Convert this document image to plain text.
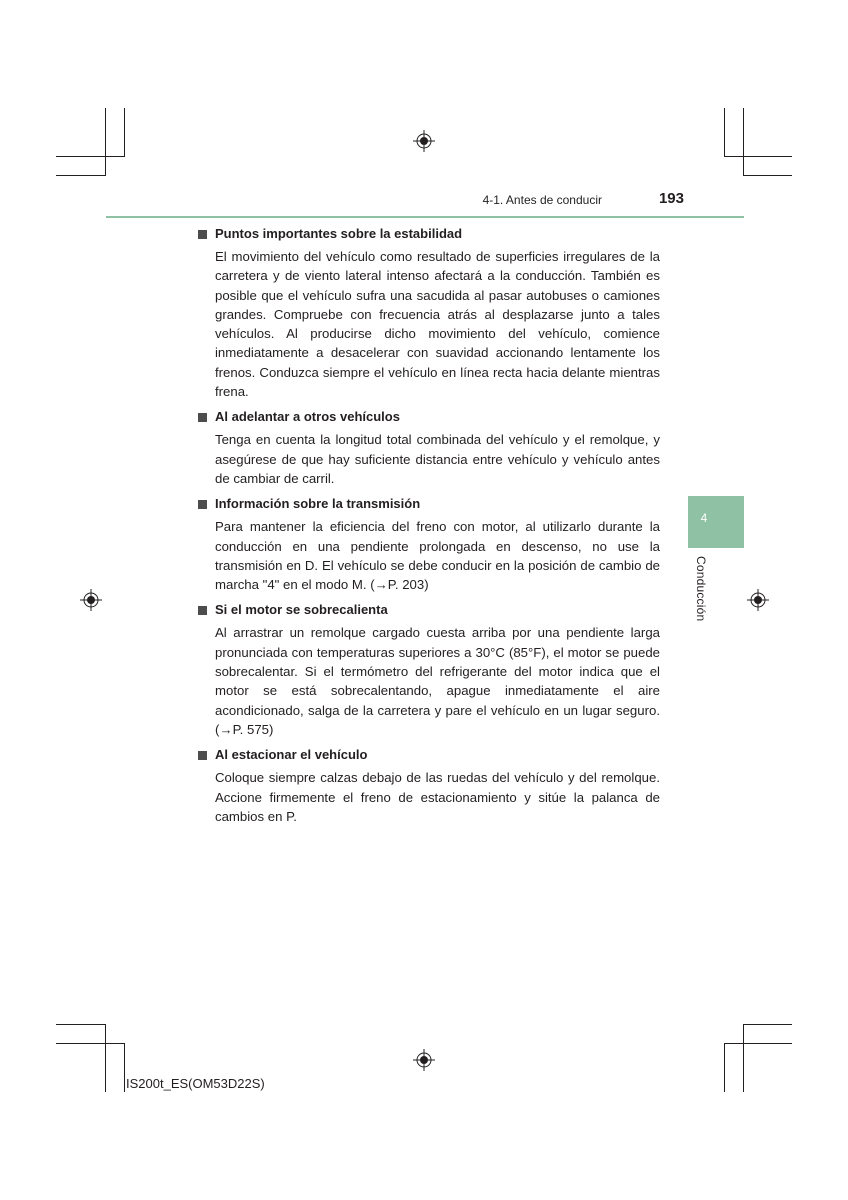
4-1. Antes de conducir	193
4
Conducción
Puntos importantes sobre la estabilidad
El movimiento del vehículo como resultado de superficies irregulares de la carretera y de viento lateral intenso afectará a la conducción. También es posible que el vehículo sufra una sacudida al pasar autobuses o camiones grandes. Compruebe con frecuencia atrás al desplazarse junto a tales vehículos. Al producirse dicho movimiento del vehículo, comience inmediatamente a desacelerar con suavidad accionando lentamente los frenos. Conduzca siempre el vehículo en línea recta hacia delante mientras frena.
Al adelantar a otros vehículos
Tenga en cuenta la longitud total combinada del vehículo y el remolque, y asegúrese de que hay suficiente distancia entre vehículo y vehículo antes de cambiar de carril.
Información sobre la transmisión
Para mantener la eficiencia del freno con motor, al utilizarlo durante la conducción en una pendiente prolongada en descenso, no use la transmisión en D. El vehículo se debe conducir en la posición de cambio de marcha "4" en el modo M. (→P. 203)
Si el motor se sobrecalienta
Al arrastrar un remolque cargado cuesta arriba por una pendiente larga pronunciada con temperaturas superiores a 30°C (85°F), el motor se puede sobrecalentar. Si el termómetro del refrigerante del motor indica que el motor se está sobrecalentando, apague inmediatamente el aire acondicionado, salga de la carretera y pare el vehículo en un lugar seguro. (→P. 575)
Al estacionar el vehículo
Coloque siempre calzas debajo de las ruedas del vehículo y del remolque. Accione firmemente el freno de estacionamiento y sitúe la palanca de cambios en P.
IS200t_ES(OM53D22S)
